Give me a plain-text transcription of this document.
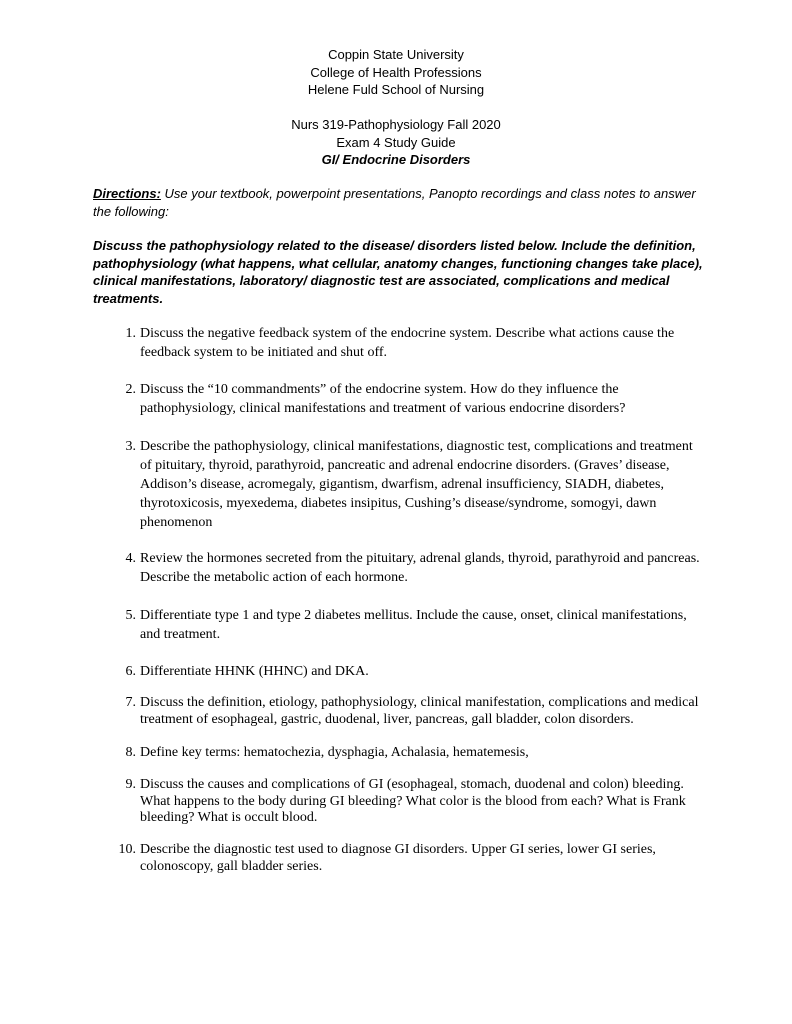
Coppin State University
College of Health Professions
Helene Fuld School of Nursing
Nurs 319-Pathophysiology Fall 2020
Exam 4 Study Guide
GI/ Endocrine Disorders
Directions: Use your textbook, powerpoint presentations, Panopto recordings and class notes to answer the following:
Discuss the pathophysiology related to the disease/ disorders listed below. Include the definition, pathophysiology (what happens, what cellular, anatomy changes, functioning changes take place), clinical manifestations, laboratory/ diagnostic test are associated, complications and medical treatments.
1. Discuss the negative feedback system of the endocrine system. Describe what actions cause the feedback system to be initiated and shut off.
2. Discuss the “10 commandments” of the endocrine system. How do they influence the pathophysiology, clinical manifestations and treatment of various endocrine disorders?
3. Describe the pathophysiology, clinical manifestations, diagnostic test, complications and treatment of pituitary, thyroid, parathyroid, pancreatic and adrenal endocrine disorders. (Graves’ disease, Addison’s disease, acromegaly, gigantism, dwarfism, adrenal insufficiency, SIADH, diabetes, thyrotoxicosis, myexedema, diabetes insipitus, Cushing’s disease/syndrome, somogyi, dawn phenomenon
4. Review the hormones secreted from the pituitary, adrenal glands, thyroid, parathyroid and pancreas. Describe the metabolic action of each hormone.
5. Differentiate type 1 and type 2 diabetes mellitus. Include the cause, onset, clinical manifestations, and treatment.
6. Differentiate HHNK (HHNC) and DKA.
7. Discuss the definition, etiology, pathophysiology, clinical manifestation, complications and medical treatment of esophageal, gastric, duodenal, liver, pancreas, gall bladder, colon disorders.
8. Define key terms: hematochezia, dysphagia, Achalasia, hematemesis,
9. Discuss the causes and complications of GI (esophageal, stomach, duodenal and colon) bleeding. What happens to the body during GI bleeding? What color is the blood from each? What is Frank bleeding? What is occult blood.
10. Describe the diagnostic test used to diagnose GI disorders. Upper GI series, lower GI series, colonoscopy, gall bladder series.
